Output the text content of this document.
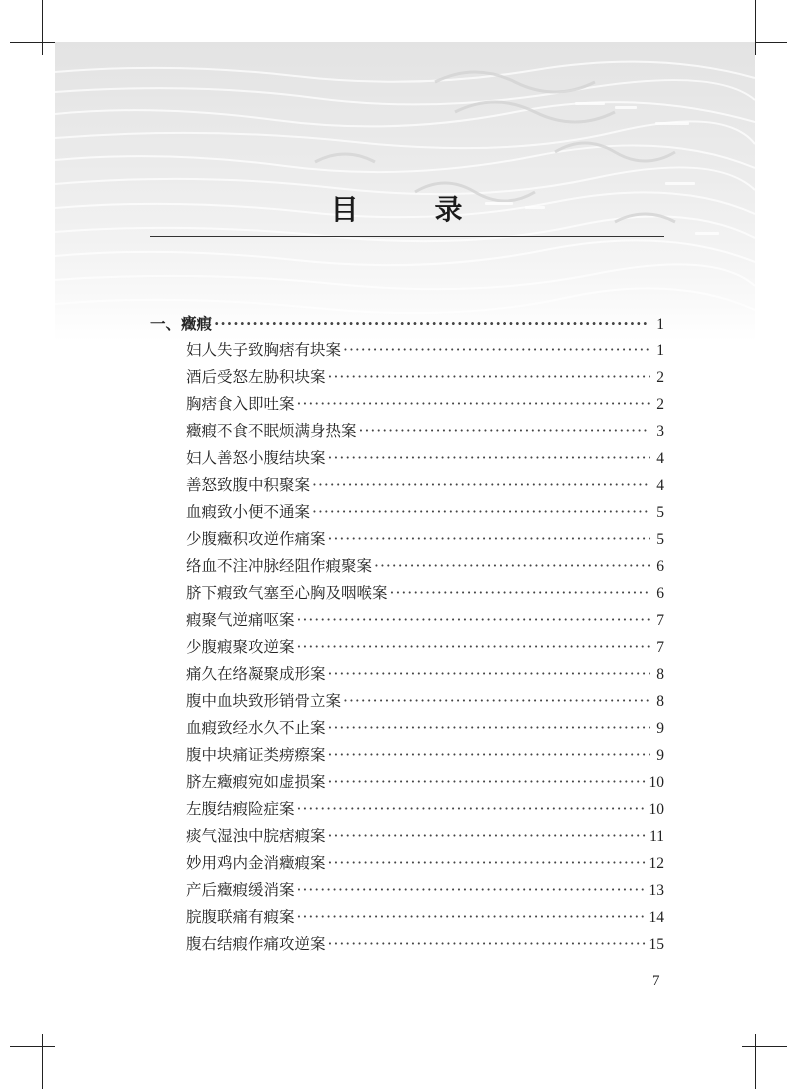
目	录
一、癥瘕 ·····	1
妇人失子致胸痞有块案 ·····	1
酒后受怒左胁积块案 ·····	2
胸痞食入即吐案 ·····	2
癥瘕不食不眠烦满身热案 ·····	3
妇人善怒小腹结块案 ·····	4
善怒致腹中积聚案 ·····	4
血瘕致小便不通案 ·····	5
少腹癥积攻逆作痛案 ·····	5
络血不注冲脉经阻作瘕聚案 ·····	6
脐下瘕致气塞至心胸及咽喉案 ·····	6
瘕聚气逆痛呕案 ·····	7
少腹瘕聚攻逆案 ·····	7
痛久在络凝聚成形案 ·····	8
腹中血块致形销骨立案 ·····	8
血瘕致经水久不止案 ·····	9
腹中块痛证类痨瘵案 ·····	9
脐左癥瘕宛如虚损案 ·····	10
左腹结瘕险症案 ·····	10
痰气湿浊中脘痞瘕案 ·····	11
妙用鸡内金消癥瘕案 ·····	12
产后癥瘕缓消案 ·····	13
脘腹联痛有瘕案 ·····	14
腹右结瘕作痛攻逆案 ·····	15
7
